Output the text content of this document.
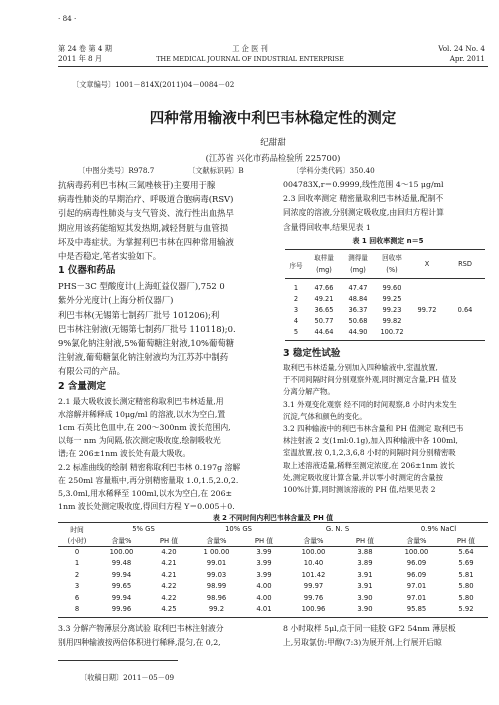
· 84 ·
第 24 卷 第 4 期
2011 年 8 月
工 企 医 刊
THE MEDICAL JOURNAL OF INDUSTRIAL ENTERPRISE
Vol. 24 No. 4
Apr. 2011
〔文章编号〕1001－814X(2011)04－0084－02
四种常用输液中利巴韦林稳定性的测定
纪甜甜
(江苏省 兴化市药品检验所 225700)
〔中图分类号〕R978.7	〔文献标识码〕B	〔学科分类代码〕350.40
抗病毒药利巴韦林(三氮唑核苷)主要用于腺
病毒性肺炎的早期治疗、呼吸道合胞病毒(RSV)
引起的病毒性肺炎与支气管炎、流行性出血热早
期应用该药能缩短其发热期,减轻肾脏与血管损
坏及中毒症状。为掌握利巴韦林在四种常用输液
中是否稳定,笔者实验如下。
1 仪器和药品
PHS－3C 型酸度计(上海虹益仪器厂),752 0
紫外分光度计(上海分析仪器厂)
利巴韦林(无锡第七制药厂批号 101206);利
巴韦林注射液(无锡第七制药厂批号 110118);0.
9%氯化钠注射液,5%葡萄糖注射液,10%葡萄糖
注射液,葡萄糖氯化钠注射液均为江苏苏中制药
有限公司的产品。
2 含量测定
2.1 最大吸收波长测定精密称取利巴韦林适量,用
水溶解并稀释成 10μg/ml 的溶液,以水为空白,置
1cm 石英比色皿中,在 200～300nm 波长范围内,
以每一 nm 为间隔,依次测定吸收度,绘制吸收光
谱;在 206±1nm 波长处有最大吸收。
2.2 标准曲线的绘制 精密称取利巴韦林 0.197g 溶解
在 250ml 容量瓶中,再分别精密量取 1.0,1.5,2.0,2.
5,3.0ml,用水稀释至 100ml,以水为空白,在 206±
1nm 波长处测定吸收度,得回归方程 Y＝0.005＋0.
004783X,r＝0.9999,线性范围 4～15 μg/ml
2.3 回收率测定 精密量取利巴韦林适量,配制不
同浓度的溶液,分别测定吸收度,由回归方程计算
含量得回收率,结果见表 1
表 1 回收率测定 n＝5
序号
取样量
(mg)
测得量
(mg)
回收率
(%)
X	RSD
1	47.66	47.47	99.60		
2	49.21	48.84	99.25		
3	36.65	36.37	99.23	99.72	0.64
4	50.77	50.68	99.82		
5	44.64	44.90	100.72		
3 稳定性试验
取利巴韦林适量,分别加入四种输液中,室温放置,
于不同间隔时间分别观察外观,同时测定含量,PH 值及
分离分解产物。
3.1 外观变化观察 经不同的时间观察,8 小时内未发生
沉淀,气体和颜色的变化。
3.2 四种输液中的利巴韦林含量和 PH 值测定 取利巴韦
林注射液 2 支(1ml:0.1g),加入四种输液中各 100ml,
室温放置,按 0,1,2,3,6,8 小时的间隔时间分别精密吸
取上述溶液适量,稀释至测定浓度,在 206±1nm 波长
处,测定吸收度计算含量,并以零小时测定的含量按
100%计算,同时测该溶液的 PH 值,结果见表 2
表 2 不同时间内利巴韦林含量及 PH 值
时间	5% GS		10% GS		G. N. S		0.9% NaCl	
(小时)	含量%	PH 值	含量%	PH 值	含量%	PH 值	含量%	PH 值
0	100.00	4.20	1 00.00	3.99	100.00	3.88	100.00	5.64
1	99.48	4.21	99.01	3.99	10.40	3.89	96.09	5.69
2	99.94	4.21	99.03	3.99	101.42	3.91	96.09	5.81
3	99.65	4.22	98.99	4.00	99.97	3.91	97.01	5.80
6	99.94	4.22	98.96	4.00	99.76	3.90	97.01	5.80
8	99.96	4.25	99.2	4.01	100.96	3.90	95.85	5.92
3.3 分解产物薄层分离试验 取利巴韦林注射液分
别用四种输液按两倍体积进行稀释,混匀,在 0,2,
8 小时取样 5μl,点于同一硅胶 GF2 54nm 薄层板
上,另取氯仿:甲醇(7:3)为展开剂,上行展开后晾
〔收稿日期〕2011－05－09
